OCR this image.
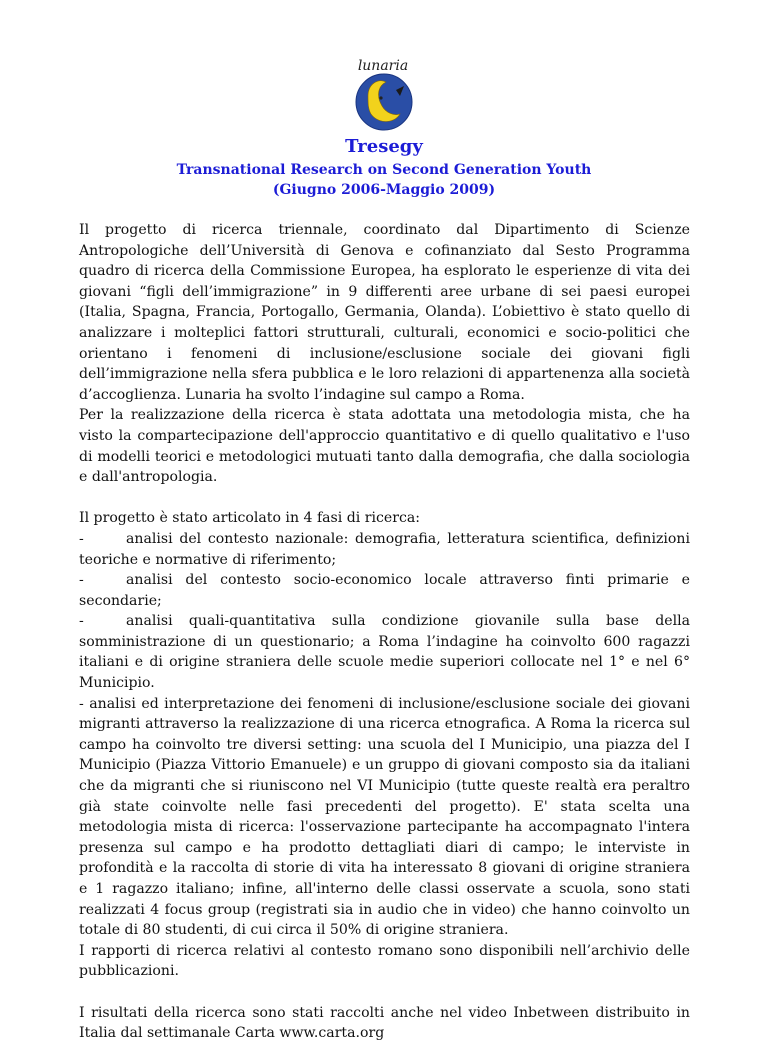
lunaria
Tresegy
Transnational Research on Second Generation Youth
(Giugno 2006-Maggio 2009)

Il progetto di ricerca triennale, coordinato dal Dipartimento di Scienze Antropologiche dell’Università di Genova e cofinanziato dal Sesto Programma quadro di ricerca della Commissione Europea, ha esplorato le esperienze di vita dei giovani “figli dell’immigrazione” in 9 differenti aree urbane di sei paesi europei (Italia, Spagna, Francia, Portogallo, Germania, Olanda). L’obiettivo è stato quello di analizzare i molteplici fattori strutturali, culturali, economici e socio-politici che orientano i fenomeni di inclusione/esclusione sociale dei giovani figli dell’immigrazione nella sfera pubblica e le loro relazioni di appartenenza alla società d’accoglienza. Lunaria ha svolto l’indagine sul campo a Roma.

Per la realizzazione della ricerca è stata adottata una metodologia mista, che ha visto la compartecipazione dell'approccio quantitativo e di quello qualitativo e l'uso di modelli teorici e metodologici mutuati tanto dalla demografia, che dalla sociologia e dall'antropologia.

Il progetto è stato articolato in 4 fasi di ricerca:

-	analisi del contesto nazionale: demografia, letteratura scientifica, definizioni teoriche e normative di riferimento;

-	analisi del contesto socio-economico locale attraverso finti primarie e secondarie;

-	analisi quali-quantitativa sulla condizione giovanile sulla base della somministrazione di un questionario; a Roma l’indagine ha coinvolto 600 ragazzi italiani e di origine straniera delle scuole medie superiori collocate nel 1° e nel 6° Municipio.

- analisi ed interpretazione dei fenomeni di inclusione/esclusione sociale dei giovani migranti attraverso la realizzazione di una ricerca etnografica. A Roma la ricerca sul campo ha coinvolto tre diversi setting: una scuola del I Municipio, una piazza del I Municipio (Piazza Vittorio Emanuele) e un gruppo di giovani composto sia da italiani che da migranti che si riuniscono nel VI Municipio (tutte queste realtà era peraltro già state coinvolte nelle fasi precedenti del progetto). E' stata scelta una metodologia mista di ricerca: l'osservazione partecipante ha accompagnato l'intera presenza sul campo e ha prodotto dettagliati diari di campo; le interviste in profondità e la raccolta di storie di vita ha interessato 8 giovani di origine straniera e 1 ragazzo italiano; infine, all'interno delle classi osservate a scuola, sono stati realizzati 4 focus group (registrati sia in audio che in video) che hanno coinvolto un totale di 80 studenti, di cui circa il 50% di origine straniera.

I rapporti di ricerca relativi al contesto romano sono disponibili nell’archivio delle pubblicazioni.

I risultati della ricerca sono stati raccolti anche nel video Inbetween distribuito in Italia dal settimanale Carta www.carta.org
